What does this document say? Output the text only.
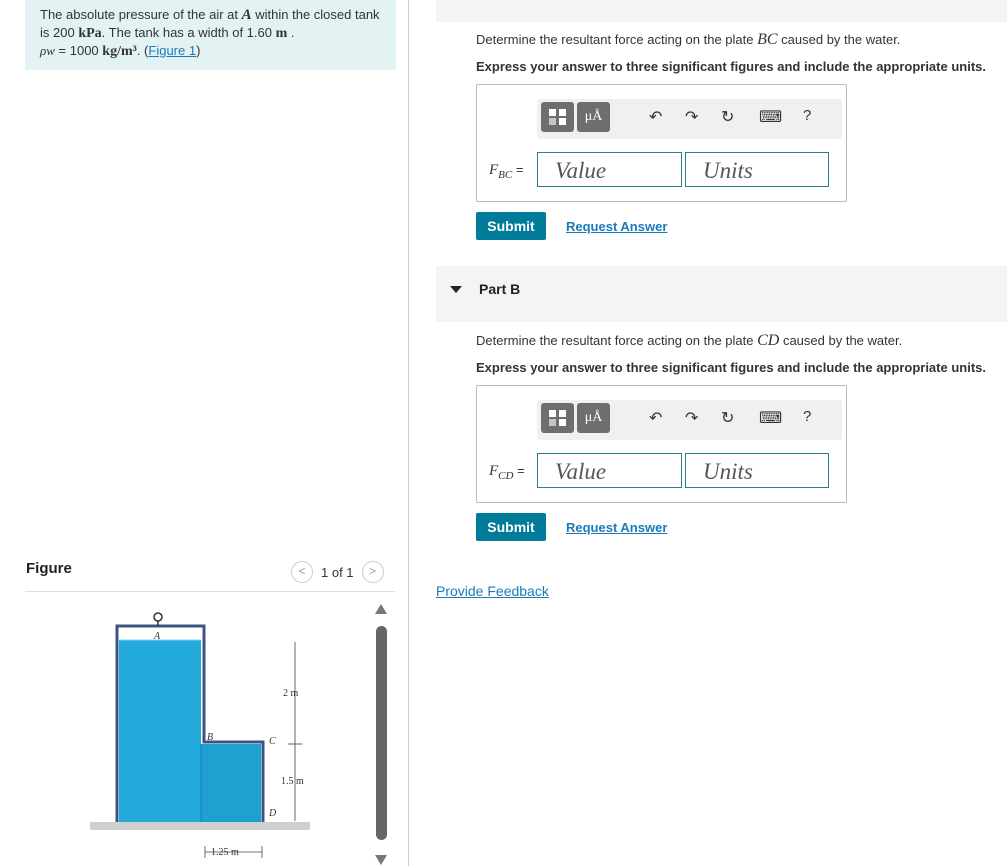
The absolute pressure of the air at A within the closed tank
is 200 kPa. The tank has a width of 1.60 m .
ρw = 1000 kg/m³. (Figure 1)
Figure	< 1 of 1 >
A
B	C
D
2 m
1.5 m
1.25 m
Determine the resultant force acting on the plate BC caused by the water.
Express your answer to three significant figures and include the appropriate units.
μÅ	↶ ↷ ↻ ⌨ ?
$F_{BC}$ =	Value	Units
Submit	Request Answer
Part B
Determine the resultant force acting on the plate CD caused by the water.
Express your answer to three significant figures and include the appropriate units.
μÅ	↶ ↷ ↻ ⌨ ?
$F_{CD}$ =	Value	Units
Submit	Request Answer
Provide Feedback
